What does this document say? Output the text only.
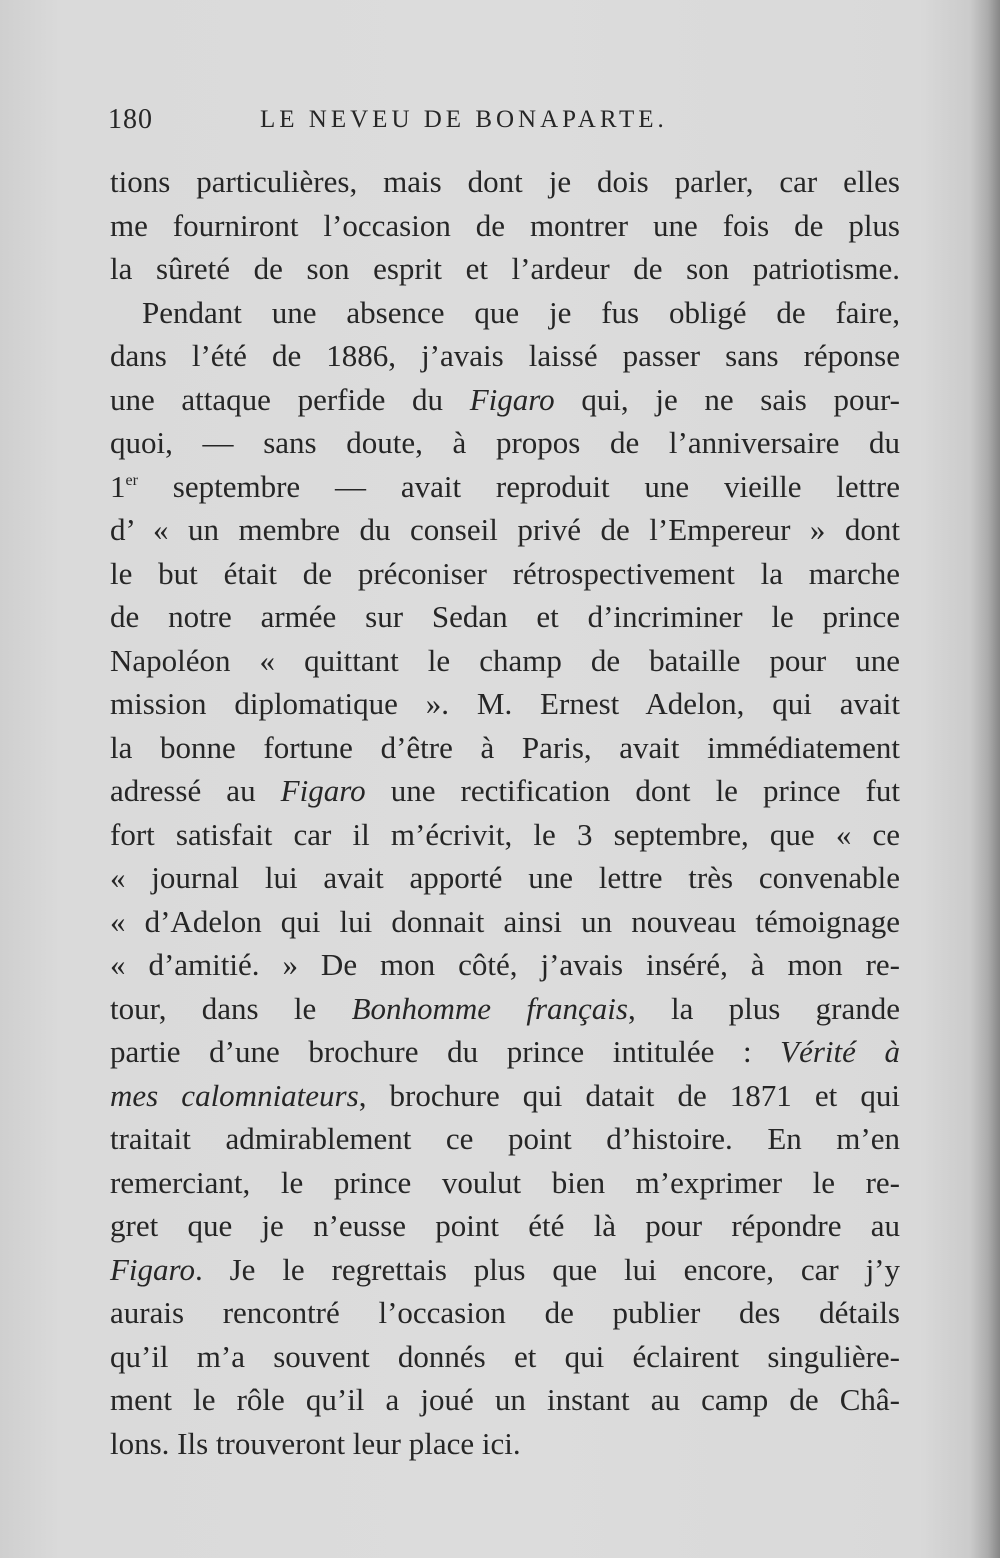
180	LE NEVEU DE BONAPARTE.
tions particulières, mais dont je dois parler, car elles
me fourniront l’occasion de montrer une fois de plus
la sûreté de son esprit et l’ardeur de son patriotisme.
Pendant une absence que je fus obligé de faire,
dans l’été de 1886, j’avais laissé passer sans réponse
une attaque perfide du Figaro qui, je ne sais pour-
quoi, — sans doute, à propos de l’anniversaire du
1er septembre — avait reproduit une vieille lettre
d’ « un membre du conseil privé de l’Empereur » dont
le but était de préconiser rétrospectivement la marche
de notre armée sur Sedan et d’incriminer le prince
Napoléon « quittant le champ de bataille pour une
mission diplomatique ». M. Ernest Adelon, qui avait
la bonne fortune d’être à Paris, avait immédiatement
adressé au Figaro une rectification dont le prince fut
fort satisfait car il m’écrivit, le 3 septembre, que « ce
« journal lui avait apporté une lettre très convenable
« d’Adelon qui lui donnait ainsi un nouveau témoignage
« d’amitié. » De mon côté, j’avais inséré, à mon re-
tour, dans le Bonhomme français, la plus grande
partie d’une brochure du prince intitulée : Vérité à
mes calomniateurs, brochure qui datait de 1871 et qui
traitait admirablement ce point d’histoire. En m’en
remerciant, le prince voulut bien m’exprimer le re-
gret que je n’eusse point été là pour répondre au
Figaro. Je le regrettais plus que lui encore, car j’y
aurais rencontré l’occasion de publier des détails
qu’il m’a souvent donnés et qui éclairent singulière-
ment le rôle qu’il a joué un instant au camp de Châ-
lons. Ils trouveront leur place ici.
